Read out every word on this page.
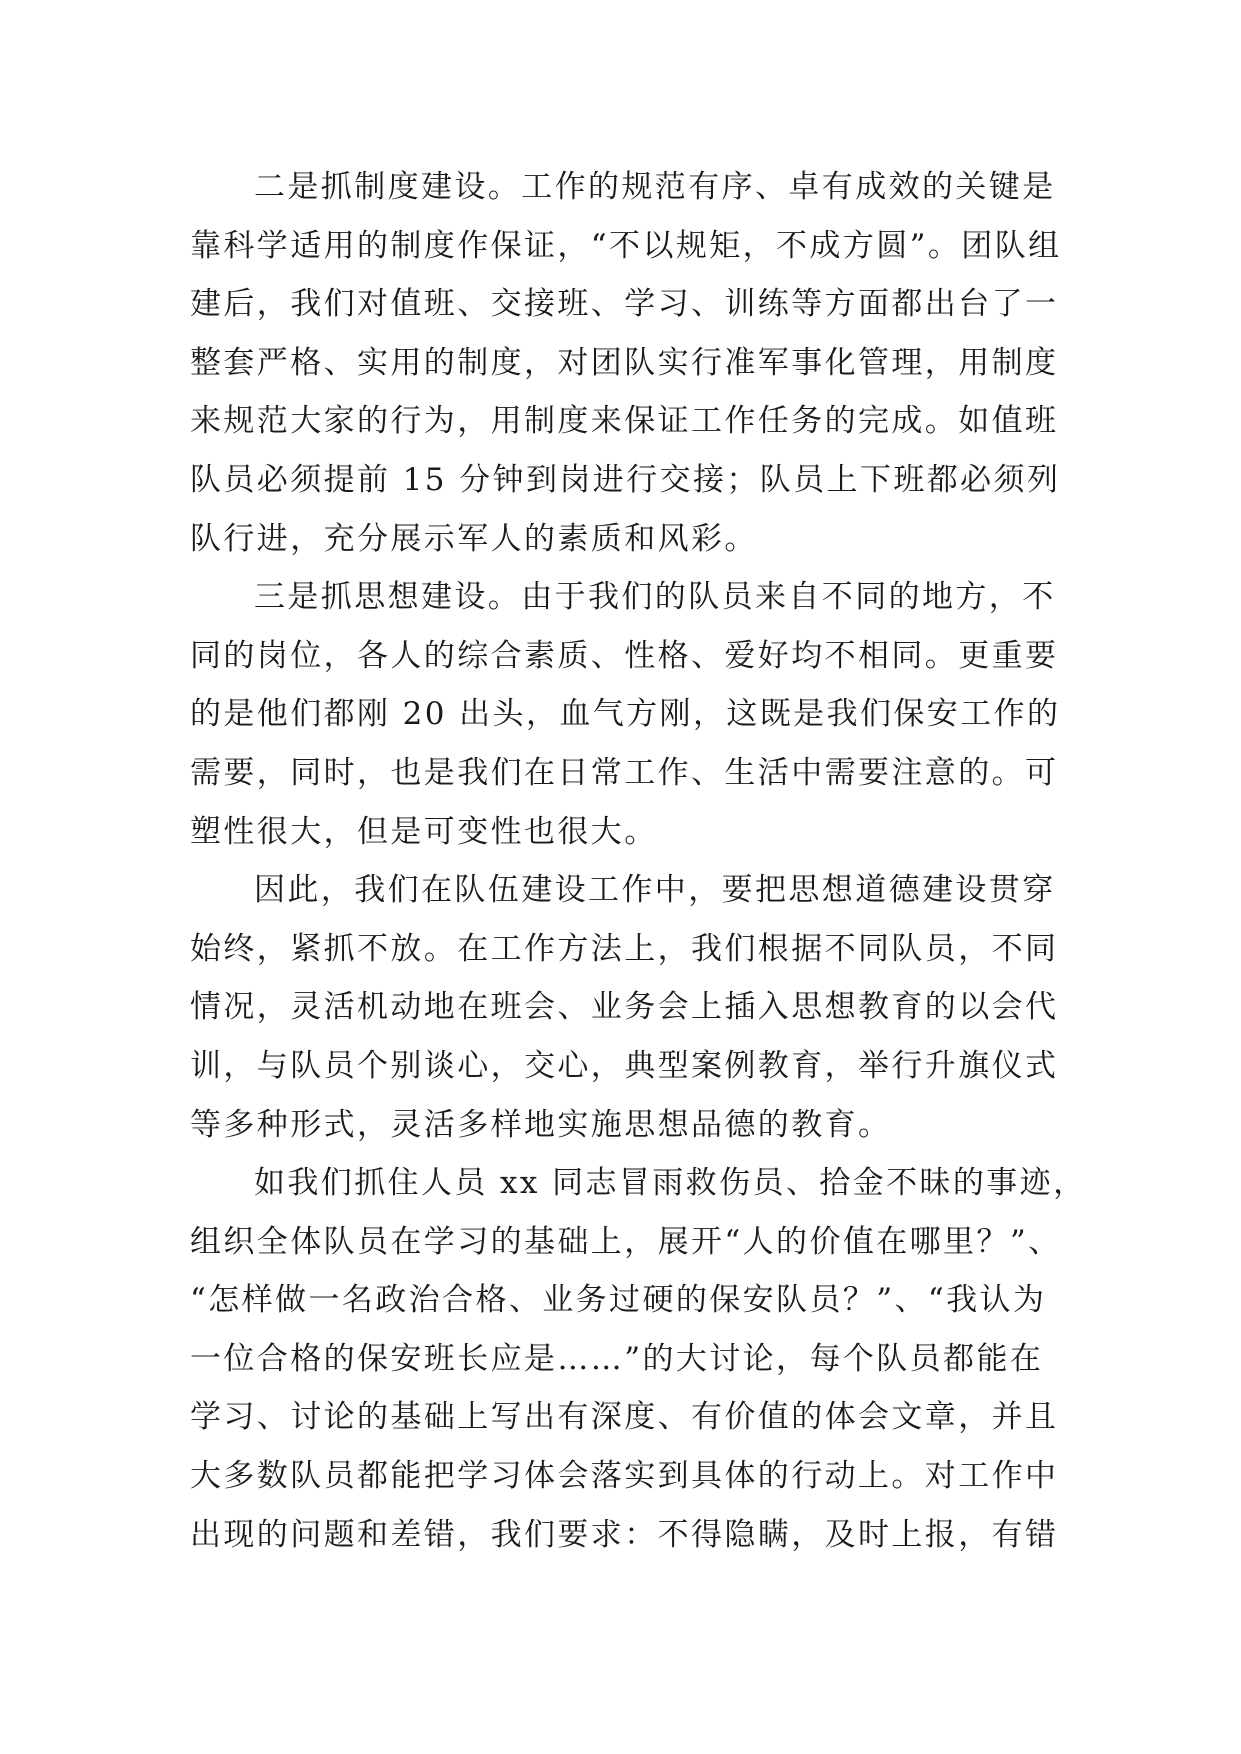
二是抓制度建设。工作的规范有序、卓有成效的关键是
靠科学适用的制度作保证，“不以规矩，不成方圆”。团队组
建后，我们对值班、交接班、学习、训练等方面都出台了一
整套严格、实用的制度，对团队实行准军事化管理，用制度
来规范大家的行为，用制度来保证工作任务的完成。如值班
队员必须提前 15 分钟到岗进行交接；队员上下班都必须列
队行进，充分展示军人的素质和风彩。
三是抓思想建设。由于我们的队员来自不同的地方，不
同的岗位，各人的综合素质、性格、爱好均不相同。更重要
的是他们都刚 20 出头，血气方刚，这既是我们保安工作的
需要，同时，也是我们在日常工作、生活中需要注意的。可
塑性很大，但是可变性也很大。
因此，我们在队伍建设工作中，要把思想道德建设贯穿
始终，紧抓不放。在工作方法上，我们根据不同队员，不同
情况，灵活机动地在班会、业务会上插入思想教育的以会代
训，与队员个别谈心，交心，典型案例教育，举行升旗仪式
等多种形式，灵活多样地实施思想品德的教育。
如我们抓住人员 xx 同志冒雨救伤员、拾金不昧的事迹，
组织全体队员在学习的基础上，展开“人的价值在哪里？”、
“怎样做一名政治合格、业务过硬的保安队员？”、“我认为
一位合格的保安班长应是……”的大讨论，每个队员都能在
学习、讨论的基础上写出有深度、有价值的体会文章，并且
大多数队员都能把学习体会落实到具体的行动上。对工作中
出现的问题和差错，我们要求：不得隐瞒，及时上报，有错
